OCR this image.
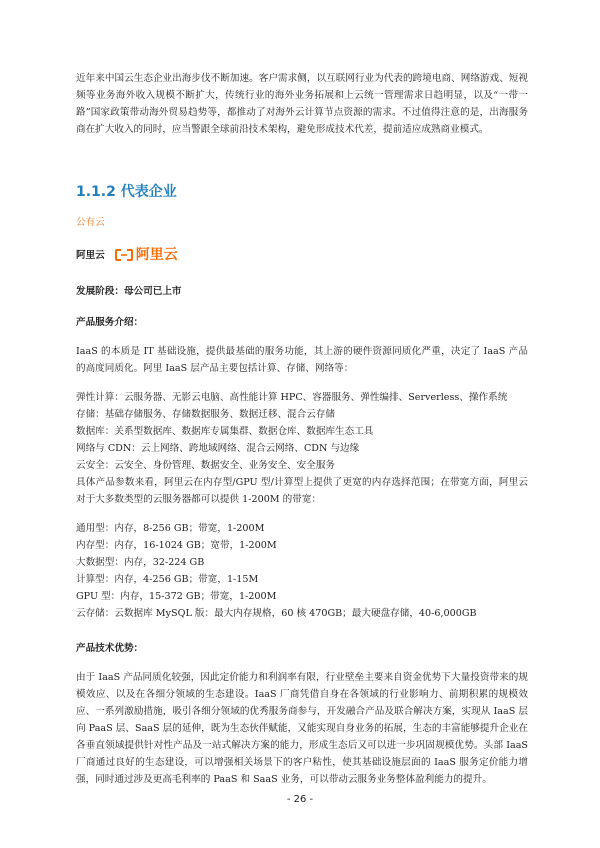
近年来中国云生态企业出海步伐不断加速。客户需求侧，以互联网行业为代表的跨境电商、网络游戏、短视频等业务海外收入规模不断扩大，传统行业的海外业务拓展和上云统一管理需求日趋明显，以及“一带一路”国家政策带动海外贸易趋势等，都推动了对海外云计算节点资源的需求。不过值得注意的是，出海服务商在扩大收入的同时，应当警跟全球前沿技术架构，避免形成技术代差，提前适应成熟商业模式。

1.1.2 代表企业
公有云
阿里云 阿里云

发展阶段：母公司已上市

产品服务介绍：

IaaS 的本质是 IT 基础设施，提供最基础的服务功能，其上游的硬件资源同质化严重，决定了 IaaS 产品的高度同质化。阿里 IaaS 层产品主要包括计算、存储、网络等：

弹性计算：云服务器、无影云电脑、高性能计算 HPC、容器服务、弹性编排、Serverless、操作系统

存储：基础存储服务、存储数据服务、数据迁移、混合云存储

数据库：关系型数据库、数据库专属集群、数据仓库、数据库生态工具

网络与 CDN：云上网络、跨地域网络、混合云网络、CDN 与边缘

云安全：云安全、身份管理、数据安全、业务安全、安全服务

具体产品参数来看，阿里云在内存型/GPU 型/计算型上提供了更宽的内存选择范围；在带宽方面，阿里云对于大多数类型的云服务器都可以提供 1-200M 的带宽：

通用型：内存，8-256 GB；带宽，1-200M

内存型：内存，16-1024 GB；宽带，1-200M

大数据型：内存，32-224 GB

计算型：内存，4-256 GB；带宽，1-15M

GPU 型：内存，15-372 GB；带宽，1-200M

云存储：云数据库 MySQL 版：最大内存规格，60 核 470GB；最大硬盘存储，40-6,000GB

产品技术优势：

由于 IaaS 产品同质化较强，因此定价能力和利润率有限，行业壁垒主要来自资金优势下大量投资带来的规模效应、以及在各细分领域的生态建设。IaaS 厂商凭借自身在各领域的行业影响力、前期积累的规模效应、一系列激励措施，吸引各细分领域的优秀服务商参与，开发融合产品及联合解决方案，实现从 IaaS 层向 PaaS 层、SaaS 层的延伸，既为生态伙伴赋能，又能实现自身业务的拓展，生态的丰富能够提升企业在各垂直领域提供针对性产品及一站式解决方案的能力，形成生态后又可以进一步巩固规模优势。头部 IaaS 厂商通过良好的生态建设，可以增强相关场景下的客户粘性，使其基础设施层面的 IaaS 服务定价能力增强，同时通过涉及更高毛利率的 PaaS 和 SaaS 业务，可以带动云服务业务整体盈利能力的提升。

- 26 -
